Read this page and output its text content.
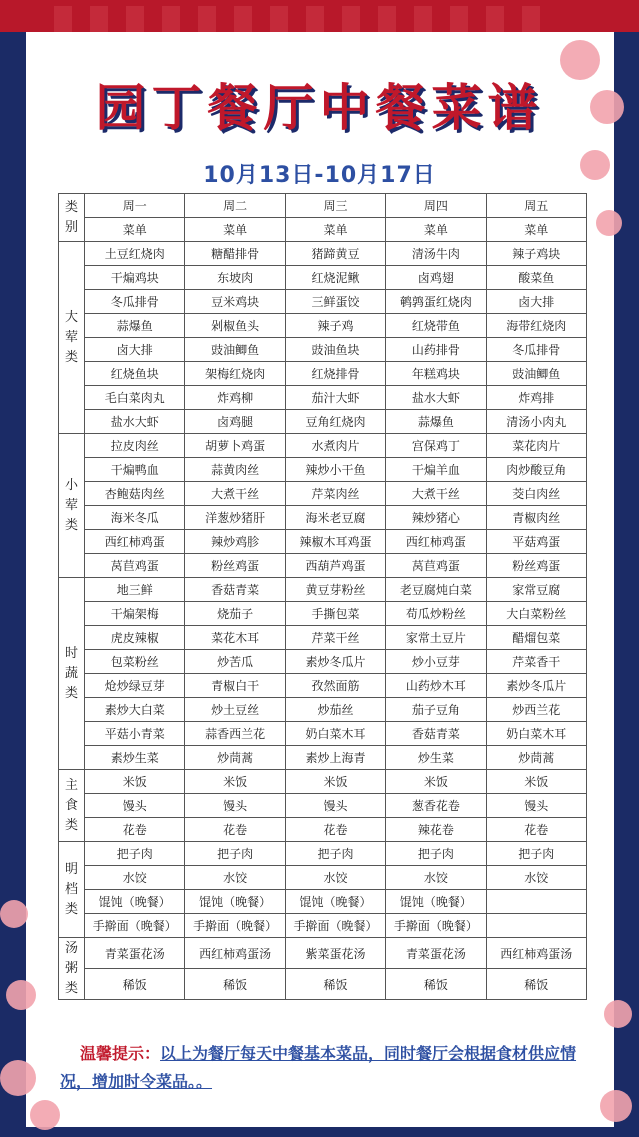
园丁餐厅中餐菜谱
10月13日-10月17日
类别	周一	周二	周三	周四	周五
	菜单	菜单	菜单	菜单	菜单
大荤类	土豆红烧肉	糖醋排骨	猪蹄黄豆	清汤牛肉	辣子鸡块
	干煸鸡块	东坡肉	红烧泥鳅	卤鸡翅	酸菜鱼
	冬瓜排骨	豆米鸡块	三鲜蛋饺	鹌鹑蛋红烧肉	卤大排
	蒜爆鱼	剁椒鱼头	辣子鸡	红烧带鱼	海带红烧肉
	卤大排	豉油鲫鱼	豉油鱼块	山药排骨	冬瓜排骨
	红烧鱼块	架梅红烧肉	红烧排骨	年糕鸡块	豉油鲫鱼
	毛白菜肉丸	炸鸡柳	茄汁大虾	盐水大虾	炸鸡排
	盐水大虾	卤鸡腿	豆角红烧肉	蒜爆鱼	清汤小肉丸
小荤类	拉皮肉丝	胡萝卜鸡蛋	水煮肉片	宫保鸡丁	菜花肉片
	干煸鸭血	蒜黄肉丝	辣炒小干鱼	干煸羊血	肉炒酸豆角
	杏鲍菇肉丝	大煮干丝	芹菜肉丝	大煮干丝	茭白肉丝
	海米冬瓜	洋葱炒猪肝	海米老豆腐	辣炒猪心	青椒肉丝
	西红柿鸡蛋	辣炒鸡胗	辣椒木耳鸡蛋	西红柿鸡蛋	平菇鸡蛋
	莴苣鸡蛋	粉丝鸡蛋	西葫芦鸡蛋	莴苣鸡蛋	粉丝鸡蛋
时蔬类	地三鲜	香菇青菜	黄豆芽粉丝	老豆腐炖白菜	家常豆腐
	干煸架梅	烧茄子	手撕包菜	苟瓜炒粉丝	大白菜粉丝
	虎皮辣椒	菜花木耳	芹菜干丝	家常土豆片	醋熘包菜
	包菜粉丝	炒苦瓜	素炒冬瓜片	炒小豆芽	芹菜香干
	炝炒绿豆芽	青椒白干	孜然面筋	山药炒木耳	素炒冬瓜片
	素炒大白菜	炒土豆丝	炒茄丝	茄子豆角	炒西兰花
	平菇小青菜	蒜香西兰花	奶白菜木耳	香菇青菜	奶白菜木耳
	素炒生菜	炒茼蒿	素炒上海青	炒生菜	炒茼蒿
主食类	米饭	米饭	米饭	米饭	米饭
	馒头	馒头	馒头	葱香花卷	馒头
	花卷	花卷	花卷	辣花卷	花卷
明档类	把子肉	把子肉	把子肉	把子肉	把子肉
	水饺	水饺	水饺	水饺	水饺
	馄饨（晚餐）	馄饨（晚餐）	馄饨（晚餐）	馄饨（晚餐）	
	手擀面（晚餐）	手擀面（晚餐）	手擀面（晚餐）	手擀面（晚餐）	
汤粥类	青菜蛋花汤	西红柿鸡蛋汤	紫菜蛋花汤	青菜蛋花汤	西红柿鸡蛋汤
	稀饭	稀饭	稀饭	稀饭	稀饭
温馨提示：以上为餐厅每天中餐基本菜品，同时餐厅会根据食材供应情况，增加时令菜品。。
